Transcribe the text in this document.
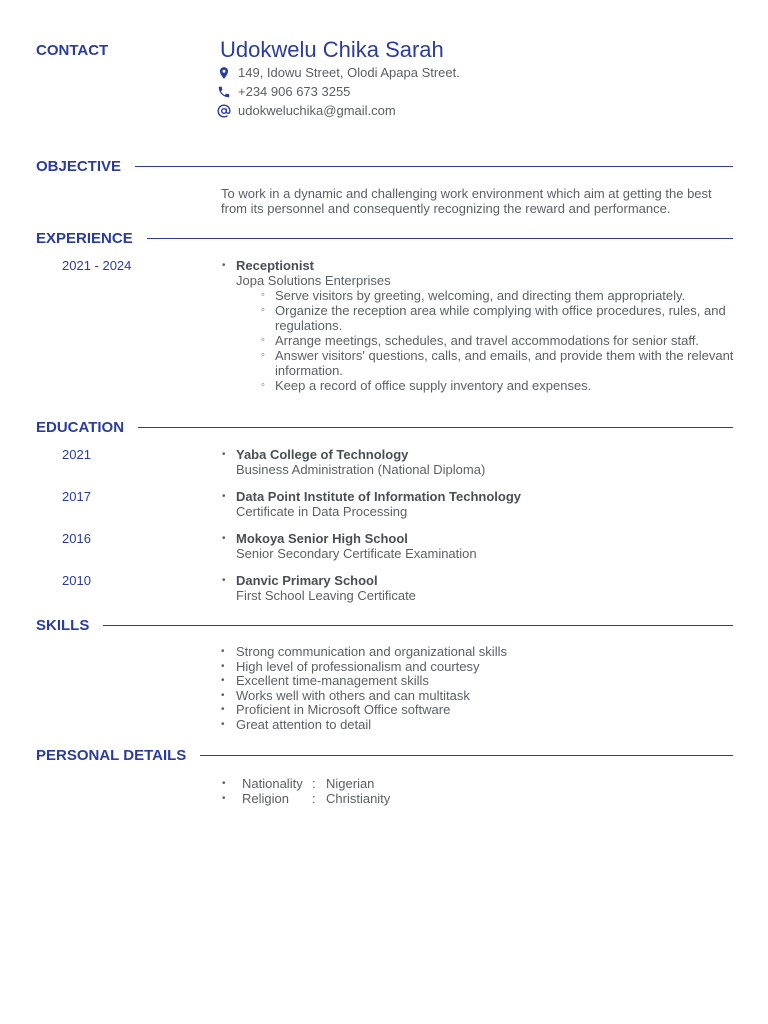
CONTACT	Udokwelu Chika Sarah
149, Idowu Street, Olodi Apapa Street.
+234 906 673 3255
udokweluchika@gmail.com
OBJECTIVE
To work in a dynamic and challenging work environment which aim at getting the best from its personnel and consequently recognizing the reward and performance.
EXPERIENCE
2021 - 2024	• Receptionist
Jopa Solutions Enterprises
◦ Serve visitors by greeting, welcoming, and directing them appropriately.
◦ Organize the reception area while complying with office procedures, rules, and regulations.
◦ Arrange meetings, schedules, and travel accommodations for senior staff.
◦ Answer visitors' questions, calls, and emails, and provide them with the relevant information.
◦ Keep a record of office supply inventory and expenses.
EDUCATION
2021	• Yaba College of Technology
Business Administration (National Diploma)
2017	• Data Point Institute of Information Technology
Certificate in Data Processing
2016	• Mokoya Senior High School
Senior Secondary Certificate Examination
2010	• Danvic Primary School
First School Leaving Certificate
SKILLS
• Strong communication and organizational skills
• High level of professionalism and courtesy
• Excellent time-management skills
• Works well with others and can multitask
• Proficient in Microsoft Office software
• Great attention to detail
PERSONAL DETAILS
• Nationality : Nigerian
• Religion	: Christianity
